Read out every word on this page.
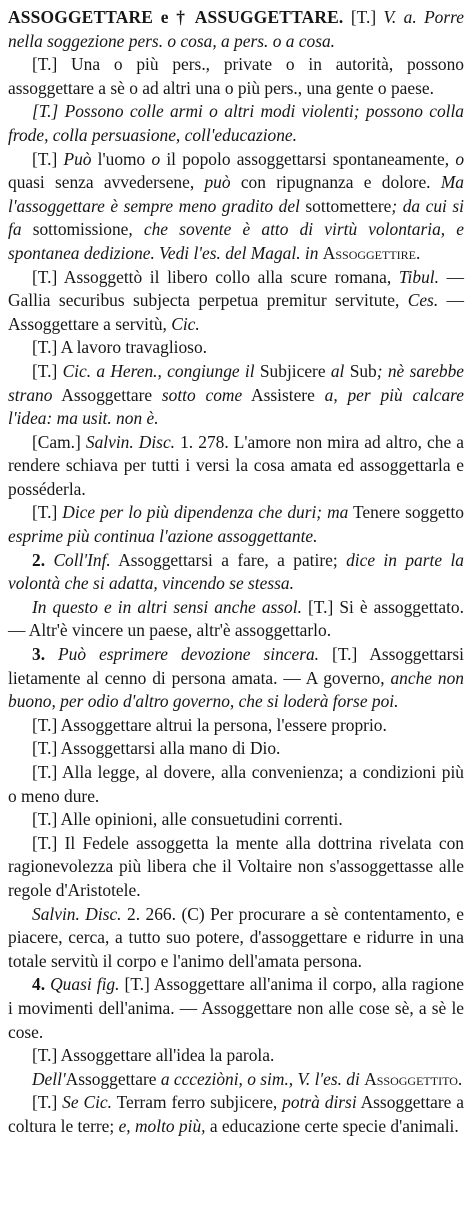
ASSOGGETTARE e † ASSUGGETTARE. [T.] V. a. Porre nella soggezione pers. o cosa, a pers. o a cosa.

[T.] Una o più pers., private o in autorità, possono assoggettare a sè o ad altri una o più pers., una gente o paese.

[T.] Possono colle armi o altri modi violenti; possono colla frode, colla persuasione, coll'educazione.

[T.] Può l'uomo o il popolo assoggettarsi spontaneamente, o quasi senza avvedersene, può con ripugnanza e dolore. Ma l'assoggettare è sempre meno gradito del sottomettere; da cui si fa sottomissione, che sovente è atto di virtù volontaria, e spontanea dedizione. Vedi l'es. del Magal. in Assoggettire.

[T.] Assoggettò il libero collo alla scure romana, Tibul. — Gallia securibus subjecta perpetua premitur servitute, Ces. — Assoggettare a servitù, Cic.

[T.] A lavoro travaglioso.

[T.] Cic. a Heren., congiunge il Subjicere al Sub; nè sarebbe strano Assoggettare sotto come Assistere a, per più calcare l'idea: ma usit. non è.

[Cam.] Salvin. Disc. 1. 278. L'amore non mira ad altro, che a rendere schiava per tutti i versi la cosa amata ed assoggettarla e posséderla.

[T.] Dice per lo più dipendenza che duri; ma Tenere soggetto esprime più continua l'azione assoggettante.

2. Coll'Inf. Assoggettarsi a fare, a patire; dice in parte la volontà che si adatta, vincendo se stessa.

In questo e in altri sensi anche assol. [T.] Si è assoggettato. — Altr'è vincere un paese, altr'è assoggettarlo.

3. Può esprimere devozione sincera. [T.] Assoggettarsi lietamente al cenno di persona amata. — A governo, anche non buono, per odio d'altro governo, che si loderà forse poi.

[T.] Assoggettare altrui la persona, l'essere proprio.

[T.] Assoggettarsi alla mano di Dio.

[T.] Alla legge, al dovere, alla convenienza; a condizioni più o meno dure.

[T.] Alle opinioni, alle consuetudini correnti.

[T.] Il Fedele assoggetta la mente alla dottrina rivelata con ragionevolezza più libera che il Voltaire non s'assoggettasse alle regole d'Aristotele.

Salvin. Disc. 2. 266. (C) Per procurare a sè contentamento, e piacere, cerca, a tutto suo potere, d'assoggettare e ridurre in una totale servitù il corpo e l'animo dell'amata persona.

4. Quasi fig. [T.] Assoggettare all'anima il corpo, alla ragione i movimenti dell'anima. — Assoggettare non alle cose sè, a sè le cose.

[T.] Assoggettare all'idea la parola.

Dell'Assoggettare a ccceziòni, o sim., V. l'es. di Assoggettito.

[T.] Se Cic. Terram ferro subjicere, potrà dirsi Assoggettare a coltura le terre; e, molto più, a educazione certe specie d'animali.
